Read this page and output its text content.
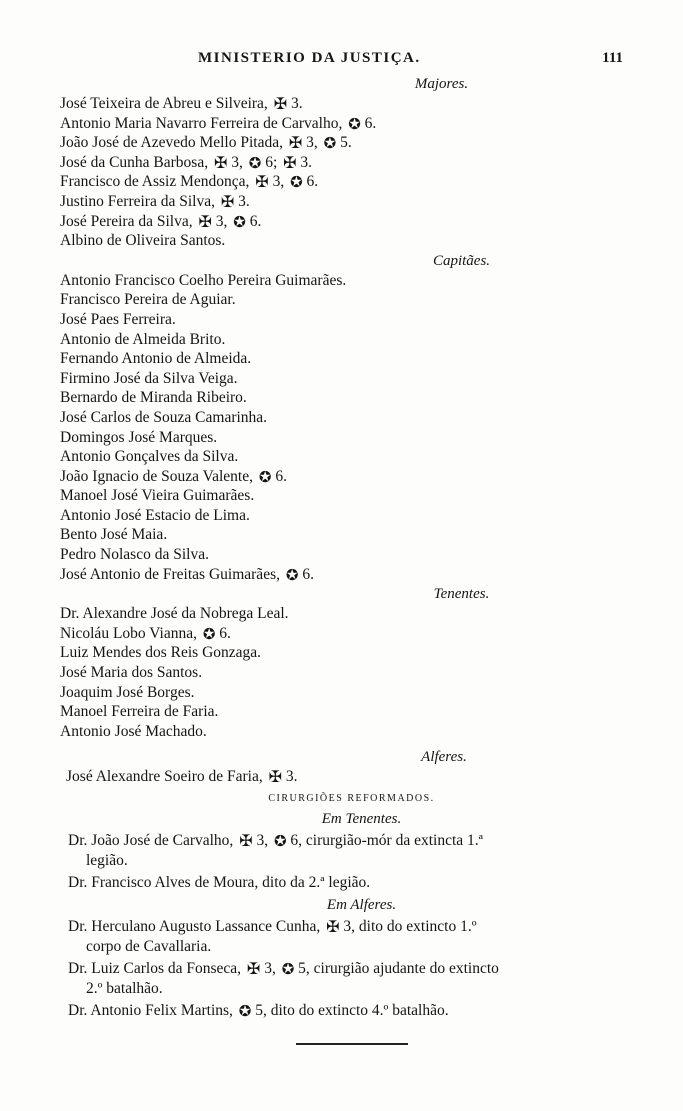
MINISTERIO DA JUSTIÇA.	111
Majores.
José Teixeira de Abreu e Silveira, ✠ 3.
Antonio Maria Navarro Ferreira de Carvalho, ✪ 6.
João José de Azevedo Mello Pitada, ✠ 3, ✪ 5.
José da Cunha Barbosa, ✠ 3, ✪ 6; ✠ 3.
Francisco de Assiz Mendonça, ✠ 3, ✪ 6.
Justino Ferreira da Silva, ✠ 3.
José Pereira da Silva, ✠ 3, ✪ 6.
Albino de Oliveira Santos.
Capitães.
Antonio Francisco Coelho Pereira Guimarães.
Francisco Pereira de Aguiar.
José Paes Ferreira.
Antonio de Almeida Brito.
Fernando Antonio de Almeida.
Firmino José da Silva Veiga.
Bernardo de Miranda Ribeiro.
José Carlos de Souza Camarinha.
Domingos José Marques.
Antonio Gonçalves da Silva.
João Ignacio de Souza Valente, ✪ 6.
Manoel José Vieira Guimarães.
Antonio José Estacio de Lima.
Bento José Maia.
Pedro Nolasco da Silva.
José Antonio de Freitas Guimarães, ✪ 6.
Tenentes.
Dr. Alexandre José da Nobrega Leal.
Nicoláu Lobo Vianna, ✪ 6.
Luiz Mendes dos Reis Gonzaga.
José Maria dos Santos.
Joaquim José Borges.
Manoel Ferreira de Faria.
Antonio José Machado.
Alferes.
José Alexandre Soeiro de Faria, ✠ 3.
CIRURGIÕES REFORMADOS.
Em Tenentes.

Dr. João José de Carvalho, ✠ 3, ✪ 6, cirurgião-mór da extincta 1.ª
legião.

Dr. Francisco Alves de Moura, dito da 2.ª legião.

Em Alferes.

Dr. Herculano Augusto Lassance Cunha, ✠ 3, dito do extincto 1.º
corpo de Cavallaria.

Dr. Luiz Carlos da Fonseca, ✠ 3, ✪ 5, cirurgião ajudante do extincto
2.º batalhão.

Dr. Antonio Felix Martins, ✪ 5, dito do extincto 4.º batalhão.
